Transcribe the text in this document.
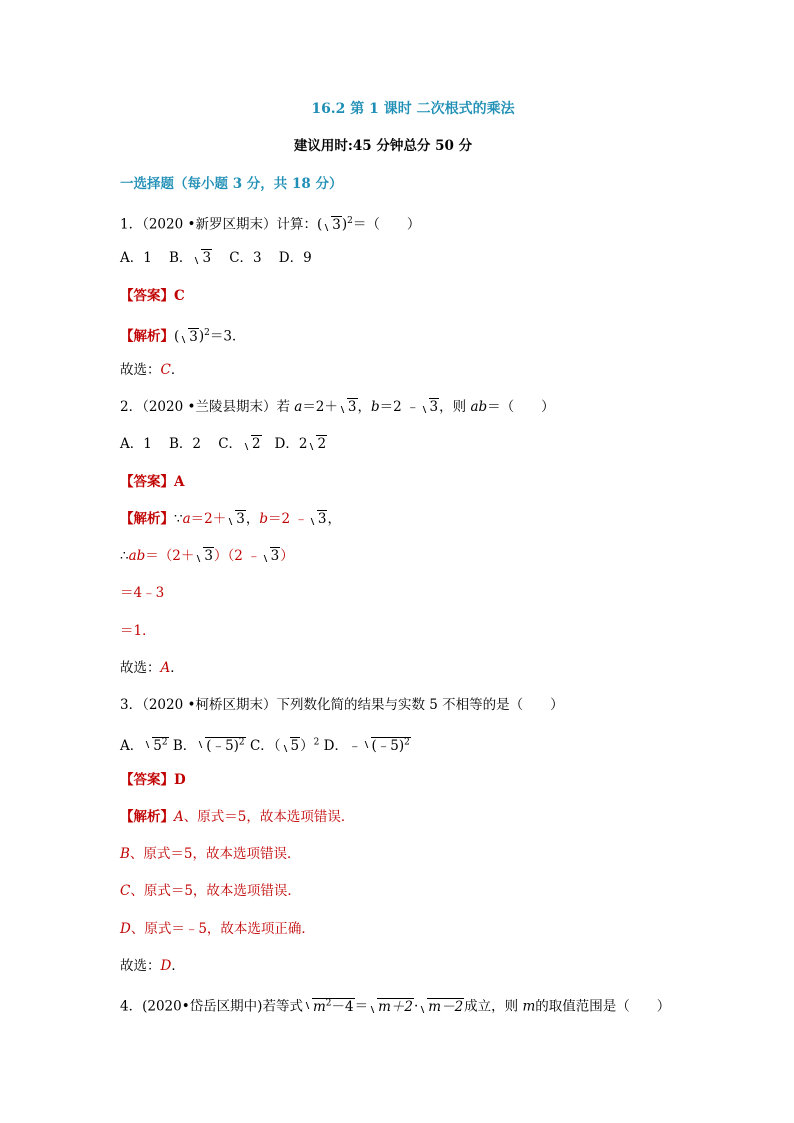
16.2 第 1 课时 二次根式的乘法
建议用时:45 分钟总分 50 分
一选择题（每小题 3 分，共 18 分）
1．（2020 •新罗区期末）计算：( 3)$^2$＝（　　）
A．1 B． 3 C．3 D．9
【答案】C
【解析】( 3)$^2$＝3．
故选：C．
2．（2020 •兰陵县期末）若 a＝2＋ 3，b＝2 ﹣ 3，则 ab＝（　　）
A．1 B．2 C． 2 D．2 2
【答案】A
【解析】∵a＝2＋ 3，b＝2 ﹣ 3，
∴ab＝（2＋ 3）（2 ﹣ 3）
＝4﹣3
＝1．
故选：A．
3．（2020 •柯桥区期末）下列数化简的结果与实数 5 不相等的是（　　）
A． $5^2$ B． (﹣5)$^2$ C．（ 5）$^2$ D．﹣ (﹣5)$^2$
【答案】D
【解析】A、原式＝5，故本选项错误．
B、原式＝5，故本选项错误．
C、原式＝5，故本选项错误．
D、原式＝﹣5，故本选项正确．
故选：D．
4．(2020•岱岳区期中)若等式 $m^2-4= m+2\cdot m-2$成立，则 m的取值范围是（　　）
